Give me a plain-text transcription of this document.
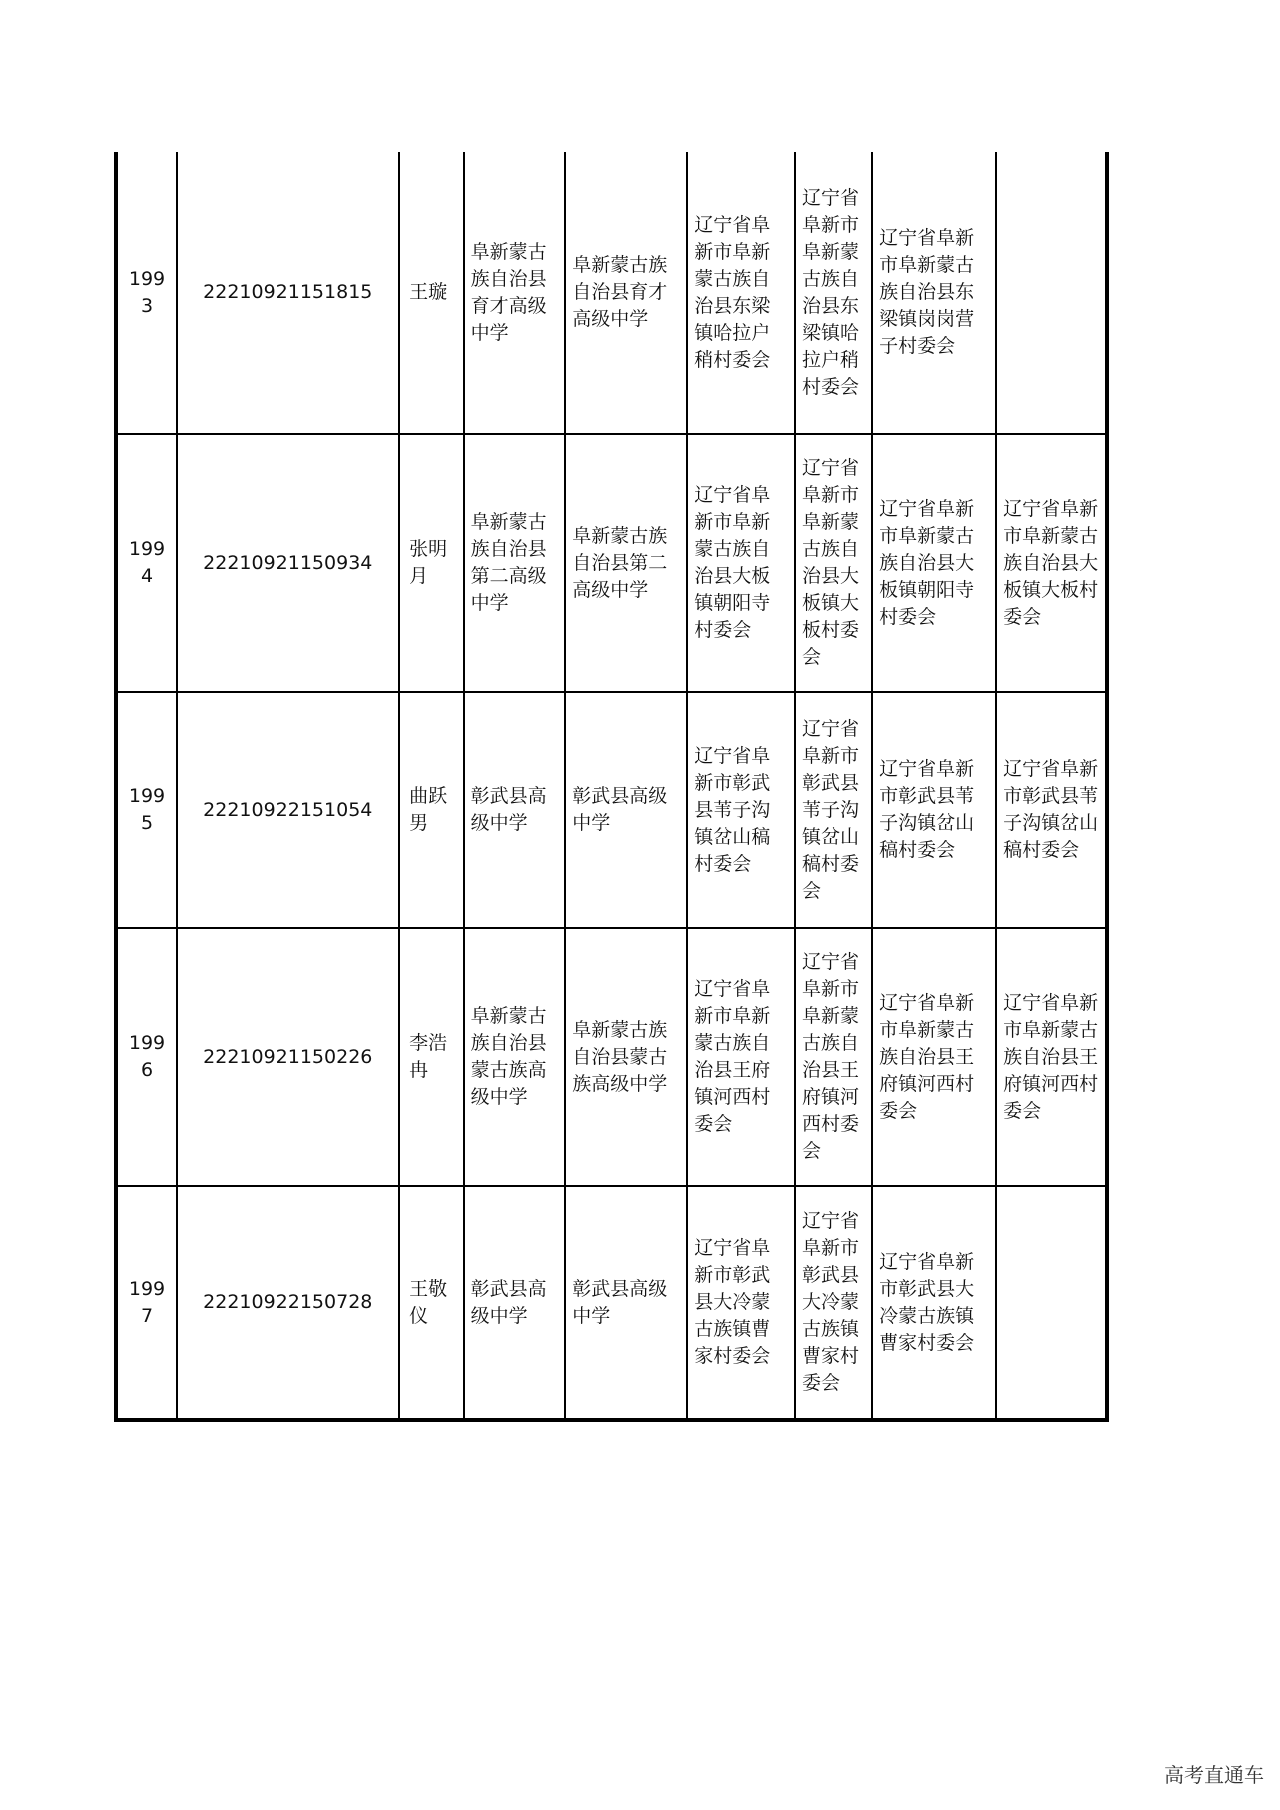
1993	22210921151815	王璇	阜新蒙古族自治县育才高级中学	阜新蒙古族自治县育才高级中学	辽宁省阜新市阜新蒙古族自治县东梁镇哈拉户稍村委会	辽宁省阜新市阜新蒙古族自治县东梁镇哈拉户稍村委会	辽宁省阜新市阜新蒙古族自治县东梁镇岗岗营子村委会	
1994	22210921150934	张明月	阜新蒙古族自治县第二高级中学	阜新蒙古族自治县第二高级中学	辽宁省阜新市阜新蒙古族自治县大板镇朝阳寺村委会	辽宁省阜新市阜新蒙古族自治县大板镇大板村委会	辽宁省阜新市阜新蒙古族自治县大板镇朝阳寺村委会	辽宁省阜新市阜新蒙古族自治县大板镇大板村委会
1995	22210922151054	曲跃男	彰武县高级中学	彰武县高级中学	辽宁省阜新市彰武县苇子沟镇岔山稿村委会	辽宁省阜新市彰武县苇子沟镇岔山稿村委会	辽宁省阜新市彰武县苇子沟镇岔山稿村委会	辽宁省阜新市彰武县苇子沟镇岔山稿村委会
1996	22210921150226	李浩冉	阜新蒙古族自治县蒙古族高级中学	阜新蒙古族自治县蒙古族高级中学	辽宁省阜新市阜新蒙古族自治县王府镇河西村委会	辽宁省阜新市阜新蒙古族自治县王府镇河西村委会	辽宁省阜新市阜新蒙古族自治县王府镇河西村委会	辽宁省阜新市阜新蒙古族自治县王府镇河西村委会
1997	22210922150728	王敬仪	彰武县高级中学	彰武县高级中学	辽宁省阜新市彰武县大冷蒙古族镇曹家村委会	辽宁省阜新市彰武县大冷蒙古族镇曹家村委会	辽宁省阜新市彰武县大冷蒙古族镇曹家村委会	
高考直通车
